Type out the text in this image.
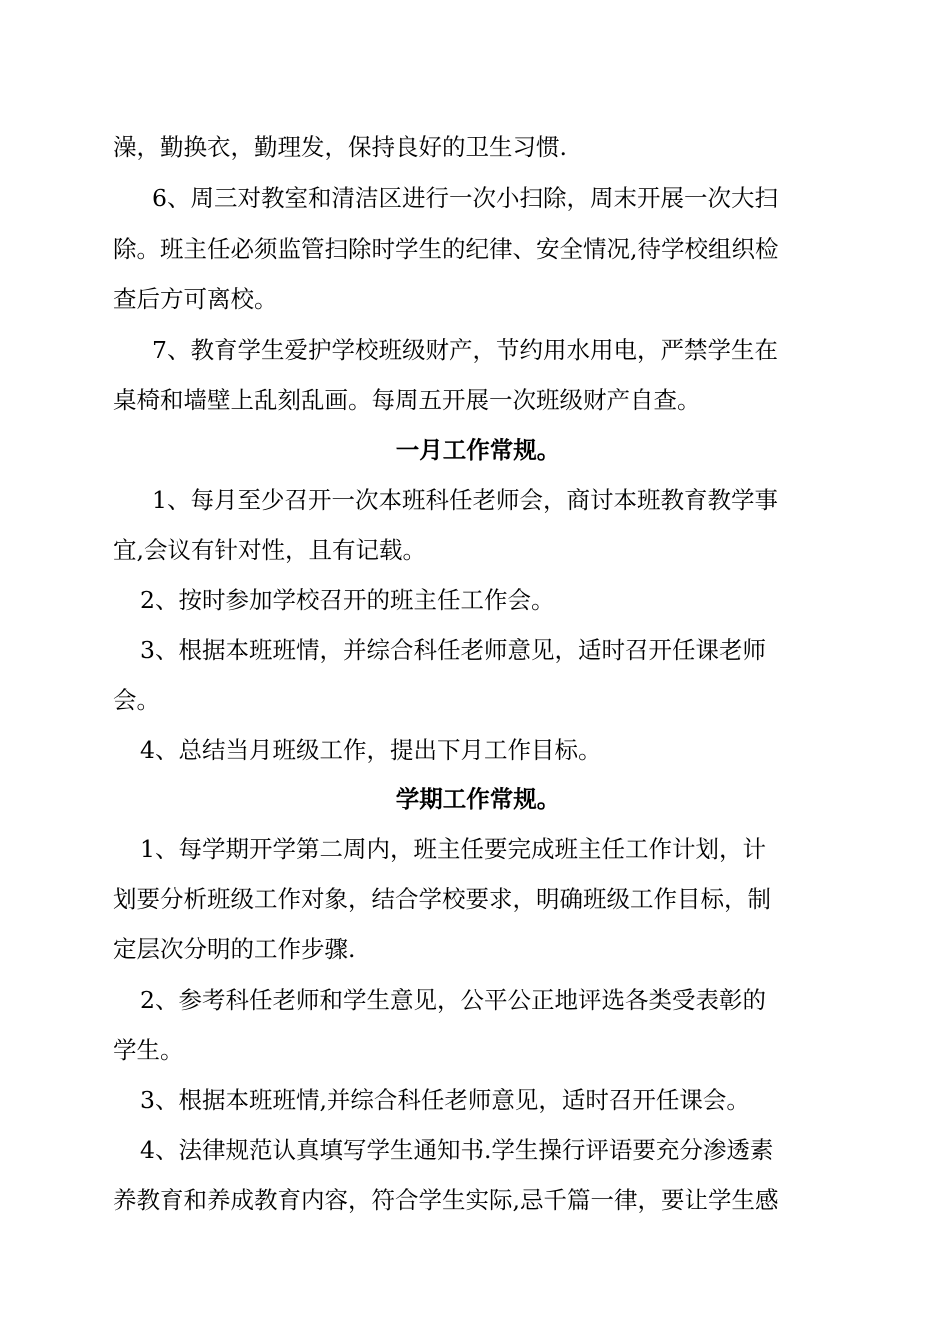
澡，勤换衣，勤理发，保持良好的卫生习惯.
6、周三对教室和清洁区进行一次小扫除，周末开展一次大扫
除。班主任必须监管扫除时学生的纪律、安全情况,待学校组织检
查后方可离校。
7、教育学生爱护学校班级财产，节约用水用电，严禁学生在
桌椅和墙壁上乱刻乱画。每周五开展一次班级财产自查。
一月工作常规。
1、每月至少召开一次本班科任老师会，商讨本班教育教学事
宜,会议有针对性，且有记载。
2、按时参加学校召开的班主任工作会。
3、根据本班班情，并综合科任老师意见，适时召开任课老师
会。
4、总结当月班级工作，提出下月工作目标。
学期工作常规。
1、每学期开学第二周内，班主任要完成班主任工作计划，计
划要分析班级工作对象，结合学校要求，明确班级工作目标，制
定层次分明的工作步骤.
2、参考科任老师和学生意见，公平公正地评选各类受表彰的
学生。
3、根据本班班情,并综合科任老师意见，适时召开任课会。
4、法律规范认真填写学生通知书.学生操行评语要充分渗透素
养教育和养成教育内容，符合学生实际,忌千篇一律，要让学生感
